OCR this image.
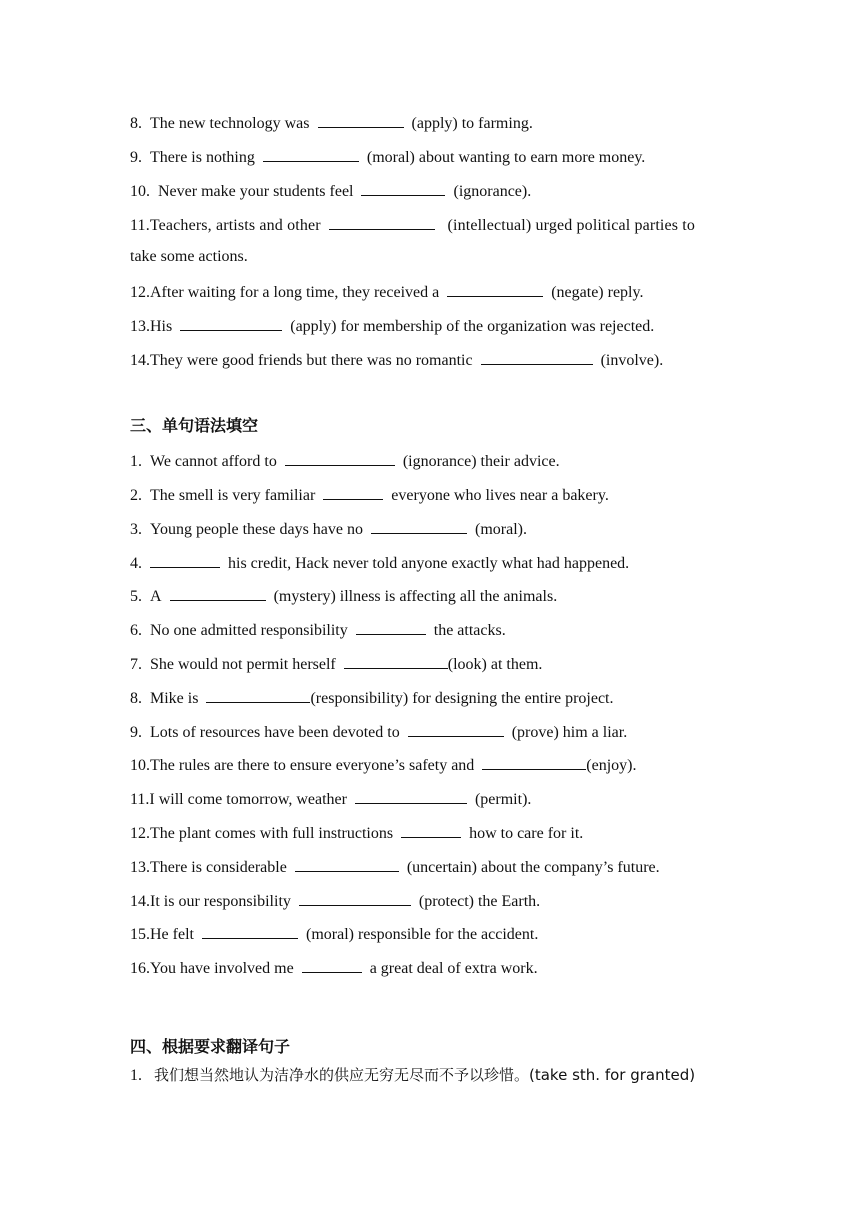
8. The new technology was	(apply) to farming.
9. There is nothing	(moral) about wanting to earn more money.
10. Never make your students feel	(ignorance).
11.Teachers, artists and other	(intellectual) urged political parties to
take some actions.
12.After waiting for a long time, they received a	(negate) reply.
13.His	(apply) for membership of the organization was rejected.
14.They were good friends but there was no romantic	(involve).
三、单句语法填空
1. We cannot afford to	(ignorance) their advice.
2. The smell is very familiar	everyone who lives near a bakery.
3. Young people these days have no	(moral).
4.	his credit, Hack never told anyone exactly what had happened.
5. A	(mystery) illness is affecting all the animals.
6. No one admitted responsibility	the attacks.
7. She would not permit herself	(look) at them.
8. Mike is	(responsibility) for designing the entire project.
9. Lots of resources have been devoted to	(prove) him a liar.
10.The rules are there to ensure everyone’s safety and	(enjoy).
11.I will come tomorrow, weather	(permit).
12.The plant comes with full instructions	how to care for it.
13.There is considerable	(uncertain) about the company’s future.
14.It is our responsibility	(protect) the Earth.
15.He felt	(moral) responsible for the accident.
16.You have involved me	a great deal of extra work.
四、根据要求翻译句子
1. 我们想当然地认为洁净水的供应无穷无尽而不予以珍惜。(take sth. for granted)
